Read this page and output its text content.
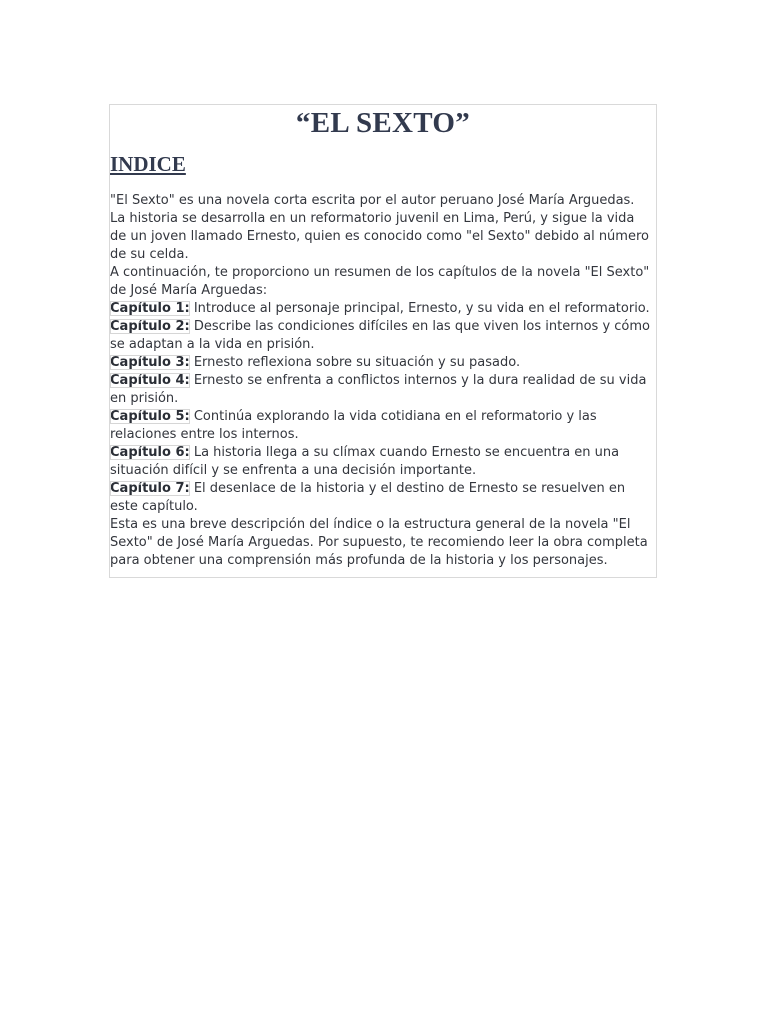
“EL SEXTO”
INDICE

"El Sexto" es una novela corta escrita por el autor peruano José María Arguedas. La historia se desarrolla en un reformatorio juvenil en Lima, Perú, y sigue la vida de un joven llamado Ernesto, quien es conocido como "el Sexto" debido al número de su celda.

A continuación, te proporciono un resumen de los capítulos de la novela "El Sexto" de José María Arguedas:

Capítulo 1: Introduce al personaje principal, Ernesto, y su vida en el reformatorio.

Capítulo 2: Describe las condiciones difíciles en las que viven los internos y cómo se adaptan a la vida en prisión.

Capítulo 3: Ernesto reflexiona sobre su situación y su pasado.

Capítulo 4: Ernesto se enfrenta a conflictos internos y la dura realidad de su vida en prisión.

Capítulo 5: Continúa explorando la vida cotidiana en el reformatorio y las relaciones entre los internos.

Capítulo 6: La historia llega a su clímax cuando Ernesto se encuentra en una situación difícil y se enfrenta a una decisión importante.

Capítulo 7: El desenlace de la historia y el destino de Ernesto se resuelven en este capítulo.

Esta es una breve descripción del índice o la estructura general de la novela "El Sexto" de José María Arguedas. Por supuesto, te recomiendo leer la obra completa para obtener una comprensión más profunda de la historia y los personajes.
